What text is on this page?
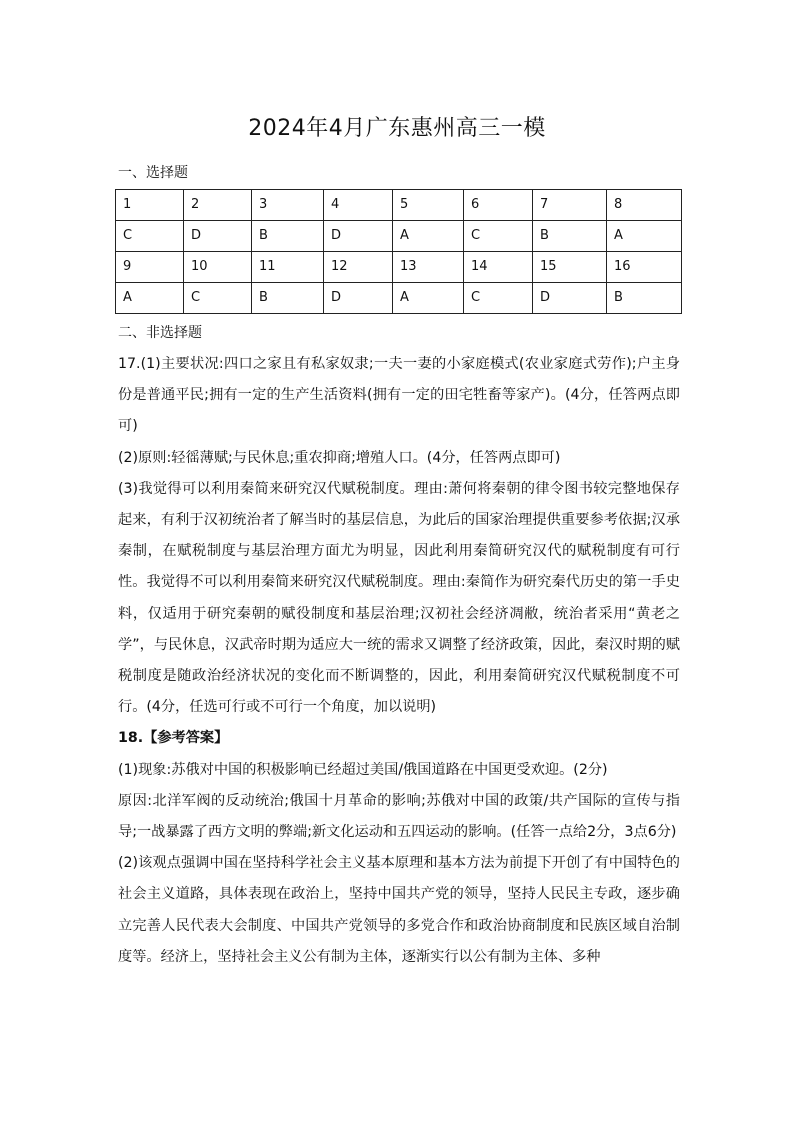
2024年4月广东惠州高三一模
一、选择题
1	2	3	4	5	6	7	8
C	D	B	D	A	C	B	A
9	10	11	12	13	14	15	16
A	C	B	D	A	C	D	B
二、非选择题

17.(1)主要状况:四口之家且有私家奴隶;一夫一妻的小家庭模式(农业家庭式劳作);户主身份是普通平民;拥有一定的生产生活资料(拥有一定的田宅牲畜等家产)。(4分，任答两点即可)

(2)原则:轻徭薄赋;与民休息;重农抑商;增殖人口。(4分，任答两点即可)

(3)我觉得可以利用秦简来研究汉代赋税制度。理由:萧何将秦朝的律令图书较完整地保存起来，有利于汉初统治者了解当时的基层信息，为此后的国家治理提供重要参考依据;汉承秦制，在赋税制度与基层治理方面尤为明显，因此利用秦简研究汉代的赋税制度有可行性。我觉得不可以利用秦简来研究汉代赋税制度。理由:秦简作为研究秦代历史的第一手史料，仅适用于研究秦朝的赋役制度和基层治理;汉初社会经济凋敝，统治者采用“黄老之学”，与民休息，汉武帝时期为适应大一统的需求又调整了经济政策，因此，秦汉时期的赋税制度是随政治经济状况的变化而不断调整的，因此，利用秦简研究汉代赋税制度不可行。(4分，任选可行或不可行一个角度，加以说明)

18.【参考答案】

(1)现象:苏俄对中国的积极影响已经超过美国/俄国道路在中国更受欢迎。(2分)

原因:北洋军阀的反动统治;俄国十月革命的影响;苏俄对中国的政策/共产国际的宣传与指导;一战暴露了西方文明的弊端;新文化运动和五四运动的影响。(任答一点给2分，3点6分)

(2)该观点强调中国在坚持科学社会主义基本原理和基本方法为前提下开创了有中国特色的社会主义道路，具体表现在政治上，坚持中国共产党的领导，坚持人民民主专政，逐步确立完善人民代表大会制度、中国共产党领导的多党合作和政治协商制度和民族区域自治制度等。经济上，坚持社会主义公有制为主体，逐渐实行以公有制为主体、多种
